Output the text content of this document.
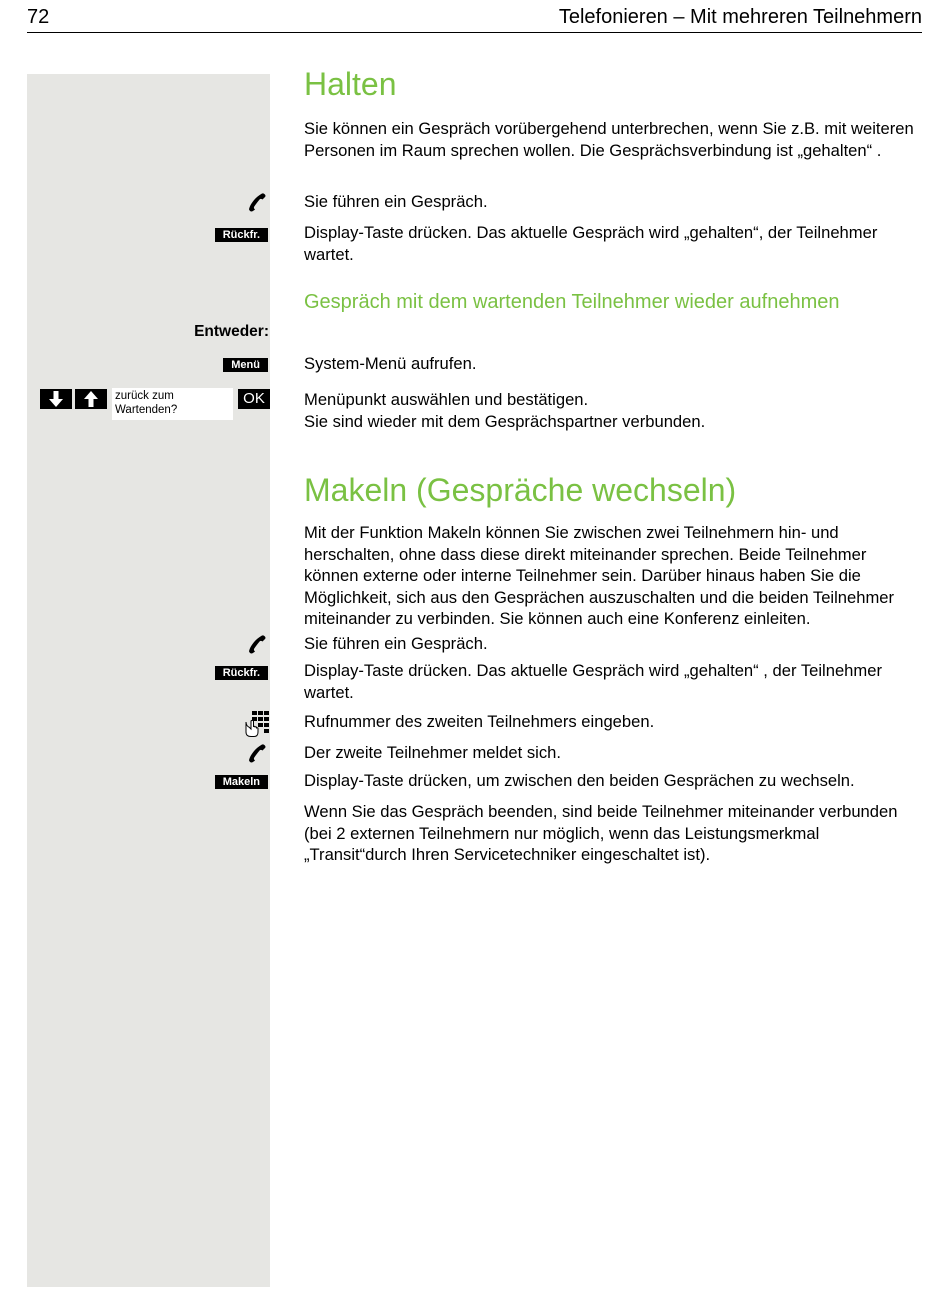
72	Telefonieren – Mit mehreren Teilnehmern
Halten

Sie können ein Gespräch vorübergehend unterbrechen, wenn Sie z.B. mit weiteren Personen im Raum sprechen wollen. Die Gesprächsverbindung ist „gehalten“ .

Sie führen ein Gespräch.

Rückfr.	Display-Taste drücken. Das aktuelle Gespräch wird „gehalten“, der Teilnehmer wartet.

Gespräch mit dem wartenden Teilnehmer wieder aufnehmen
Entweder:
Menü	System-Menü aufrufen.

zurück zum
Wartenden?
OK	Menüpunkt auswählen und bestätigen.
Sie sind wieder mit dem Gesprächspartner verbunden.

Makeln (Gespräche wechseln)

Mit der Funktion Makeln können Sie zwischen zwei Teilnehmern hin- und herschalten, ohne dass diese direkt miteinander sprechen. Beide Teilnehmer können externe oder interne Teilnehmer sein. Darüber hinaus haben Sie die Möglichkeit, sich aus den Gesprächen auszuschalten und die beiden Teilnehmer miteinander zu verbinden. Sie können auch eine Konferenz einleiten.

Sie führen ein Gespräch.

Rückfr.	Display-Taste drücken. Das aktuelle Gespräch wird „gehalten“ , der Teilnehmer wartet.

Rufnummer des zweiten Teilnehmers eingeben.

Der zweite Teilnehmer meldet sich.

Makeln	Display-Taste drücken, um zwischen den beiden Gesprächen zu wechseln.

Wenn Sie das Gespräch beenden, sind beide Teilnehmer miteinander verbunden (bei 2 externen Teilnehmern nur möglich, wenn das Leistungsmerkmal „Transit“durch Ihren Servicetechniker eingeschaltet ist).
